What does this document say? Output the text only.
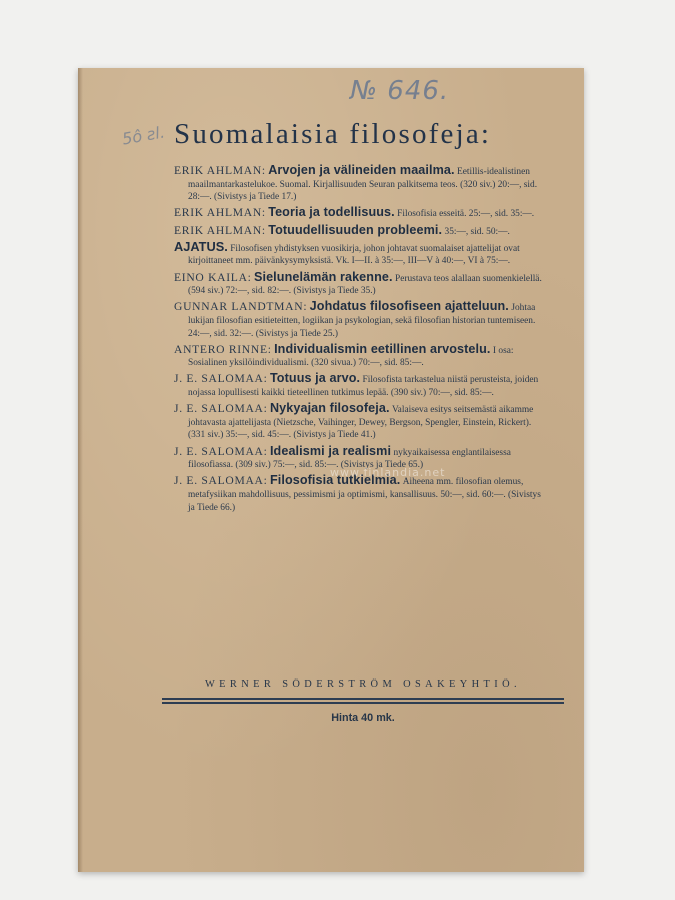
№ 646.
5ô ƨl. Suomalaisia filosofeja:
ERIK AHLMAN: Arvojen ja välineiden maailma. Eetillis-idealistinen maailmantarkastelukoe. Suomal. Kirjallisuuden Seuran palkitsema teos. (320 siv.) 20:—, sid. 28:—. (Sivistys ja Tiede 17.)
ERIK AHLMAN: Teoria ja todellisuus. Filosofisia esseitä. 25:—, sid. 35:—.
ERIK AHLMAN: Totuudellisuuden probleemi. 35:—, sid. 50:—.
AJATUS. Filosofisen yhdistyksen vuosikirja, johon johtavat suomalaiset ajattelijat ovat kirjoittaneet mm. päivänkysymyksistä. Vk. I—II. à 35:—, III—V à 40:—, VI à 75:—.
EINO KAILA: Sielunelämän rakenne. Perustava teos alallaan suomenkielellä. (594 siv.) 72:—, sid. 82:—. (Sivistys ja Tiede 35.)
GUNNAR LANDTMAN: Johdatus filosofiseen ajatteluun. Johtaa lukijan filosofian esitieteitten, logiikan ja psykologian, sekä filosofian historian tuntemiseen. 24:—, sid. 32:—. (Sivistys ja Tiede 25.)
ANTERO RINNE: Individualismin eetillinen arvostelu. I osa: Sosialinen yksilöindividualismi. (320 sivua.) 70:—, sid. 85:—.
J. E. SALOMAA: Totuus ja arvo. Filosofista tarkastelua niistä perusteista, joiden nojassa lopullisesti kaikki tieteellinen tutkimus lepää. (390 siv.) 70:—, sid. 85:—.
J. E. SALOMAA: Nykyajan filosofeja. Valaiseva esitys seitsemästä aikamme johtavasta ajattelijasta (Nietzsche, Vaihinger, Dewey, Bergson, Spengler, Einstein, Rickert). (331 siv.) 35:—, sid. 45:—. (Sivistys ja Tiede 41.)
J. E. SALOMAA: Idealismi ja realismi nykyaikaisessa englantilaisessa filosofiassa. (309 siv.) 75:—, sid. 85:—. (Sivistys ja Tiede 65.)
J. E. SALOMAA: Filosofisia tutkielmia. Aiheena mm. filosofian olemus, metafysiikan mahdollisuus, pessimismi ja optimismi, kansallisuus. 50:—, sid. 60:—. (Sivistys ja Tiede 66.)
www.finlandia.net
WERNER SÖDERSTRÖM OSAKEYHTIÖ.
Hinta 40 mk.
